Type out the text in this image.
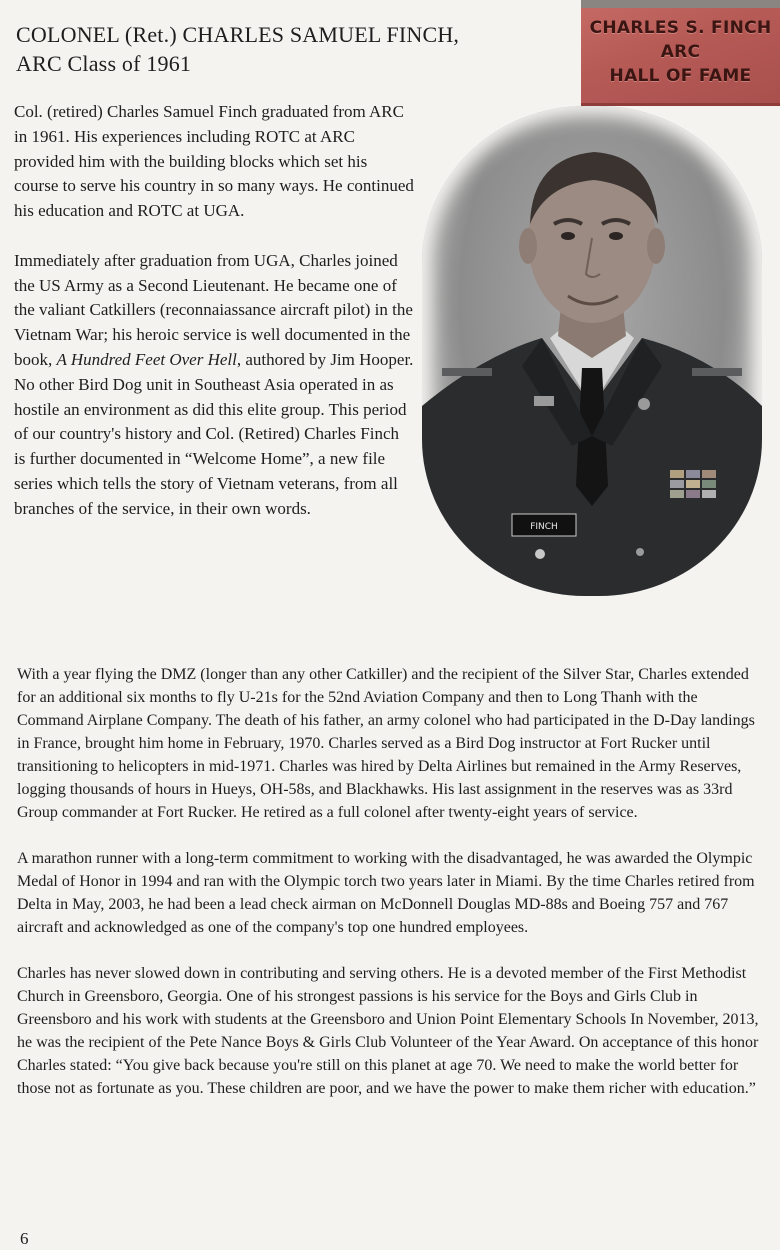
COLONEL (Ret.) CHARLES SAMUEL FINCH,
ARC Class of 1961
CHARLES S. FINCH
ARC
HALL OF FAME
FINCH

Col. (retired) Charles Samuel Finch graduated from ARC in 1961. His experiences including ROTC at ARC provided him with the building blocks which set his course to serve his country in so many ways. He continued his education and ROTC at UGA.

Immediately after graduation from UGA, Charles joined the US Army as a Second Lieutenant. He became one of the valiant Catkillers (reconnaiassance aircraft pilot) in the Vietnam War; his heroic service is well documented in the book, A Hundred Feet Over Hell, authored by Jim Hooper. No other Bird Dog unit in Southeast Asia operated in as hostile an environment as did this elite group. This period of our country's history and Col. (Retired) Charles Finch is further documented in “Welcome Home”, a new file series which tells the story of Vietnam veterans, from all branches of the service, in their own words.

With a year flying the DMZ (longer than any other Catkiller) and the recipient of the Silver Star, Charles extended for an additional six months to fly U-21s for the 52nd Aviation Company and then to Long Thanh with the Command Airplane Company. The death of his father, an army colonel who had participated in the D-Day landings in France, brought him home in February, 1970. Charles served as a Bird Dog instructor at Fort Rucker until transitioning to helicopters in mid-1971. Charles was hired by Delta Airlines but remained in the Army Reserves, logging thousands of hours in Hueys, OH-58s, and Blackhawks. His last assignment in the reserves was as 33rd Group commander at Fort Rucker. He retired as a full colonel after twenty-eight years of service.

A marathon runner with a long-term commitment to working with the disadvantaged, he was awarded the Olympic Medal of Honor in 1994 and ran with the Olympic torch two years later in Miami. By the time Charles retired from Delta in May, 2003, he had been a lead check airman on McDonnell Douglas MD-88s and Boeing 757 and 767 aircraft and acknowledged as one of the company's top one hundred employees.

Charles has never slowed down in contributing and serving others. He is a devoted member of the First Methodist Church in Greensboro, Georgia. One of his strongest passions is his service for the Boys and Girls Club in Greensboro and his work with students at the Greensboro and Union Point Elementary Schools In November, 2013, he was the recipient of the Pete Nance Boys & Girls Club Volunteer of the Year Award. On acceptance of this honor Charles stated: “You give back because you're still on this planet at age 70. We need to make the world better for those not as fortunate as you. These children are poor, and we have the power to make them richer with education.”

6
